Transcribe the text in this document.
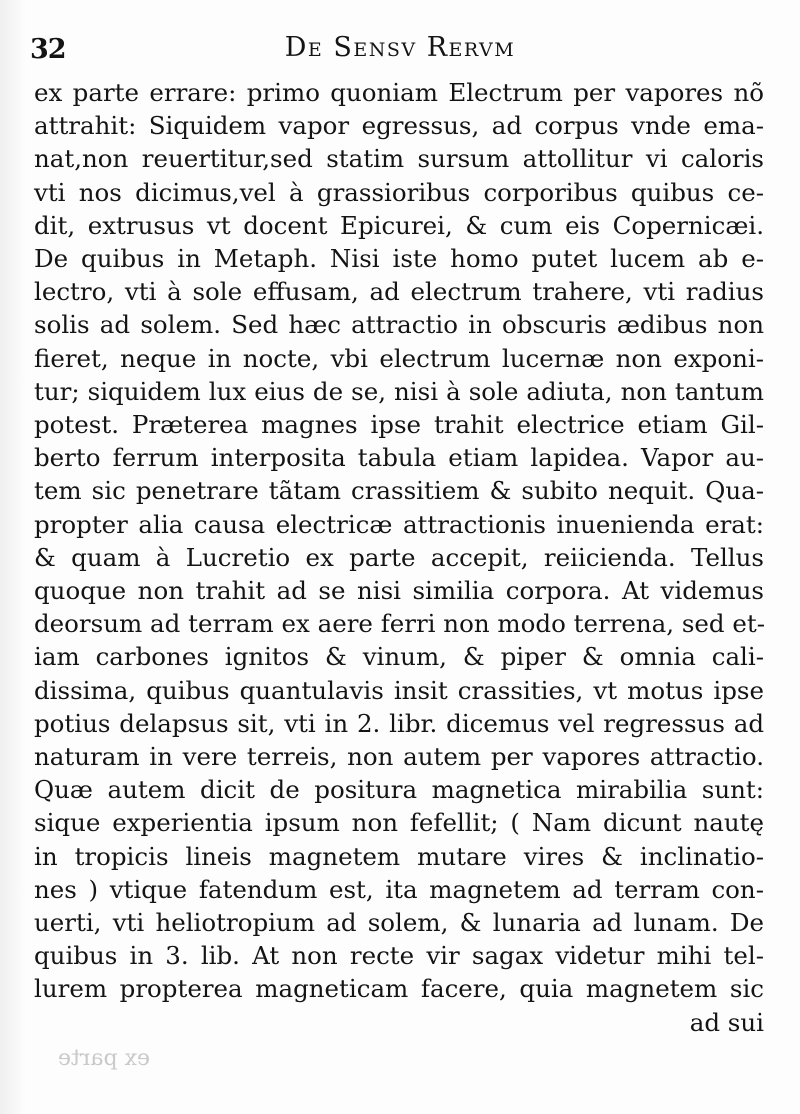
32	De Sensv Rervm
ex parte errare: primo quoniam Electrum per vapores nõ
attrahit: Siquidem vapor egressus, ad corpus vnde ema-
nat,non reuertitur,sed statim sursum attollitur vi caloris
vti nos dicimus,vel à grassioribus corporibus quibus ce-
dit, extrusus vt docent Epicurei, & cum eis Copernicæi.
De quibus in Metaph. Nisi iste homo putet lucem ab e-
lectro, vti à sole effusam, ad electrum trahere, vti radius
solis ad solem. Sed hæc attractio in obscuris ædibus non
fieret, neque in nocte, vbi electrum lucernæ non exponi-
tur; siquidem lux eius de se, nisi à sole adiuta, non tantum
potest. Præterea magnes ipse trahit electrice etiam Gil-
berto ferrum interposita tabula etiam lapidea. Vapor au-
tem sic penetrare tãtam crassitiem & subito nequit. Qua-
propter alia causa electricæ attractionis inuenienda erat:
& quam à Lucretio ex parte accepit, reiicienda. Tellus
quoque non trahit ad se nisi similia corpora. At videmus
deorsum ad terram ex aere ferri non modo terrena, sed et-
iam carbones ignitos & vinum, & piper & omnia cali-
dissima, quibus quantulavis insit crassities, vt motus ipse
potius delapsus sit, vti in 2. libr. dicemus vel regressus ad
naturam in vere terreis, non autem per vapores attractio.
Quæ autem dicit de positura magnetica mirabilia sunt:
sique experientia ipsum non fefellit; ( Nam dicunt nautę
in tropicis lineis magnetem mutare vires & inclinatio-
nes ) vtique fatendum est, ita magnetem ad terram con-
uerti, vti heliotropium ad solem, & lunaria ad lunam. De
quibus in 3. lib. At non recte vir sagax videtur mihi tel-
lurem propterea magneticam facere, quia magnetem sic
ad sui
ex parte
